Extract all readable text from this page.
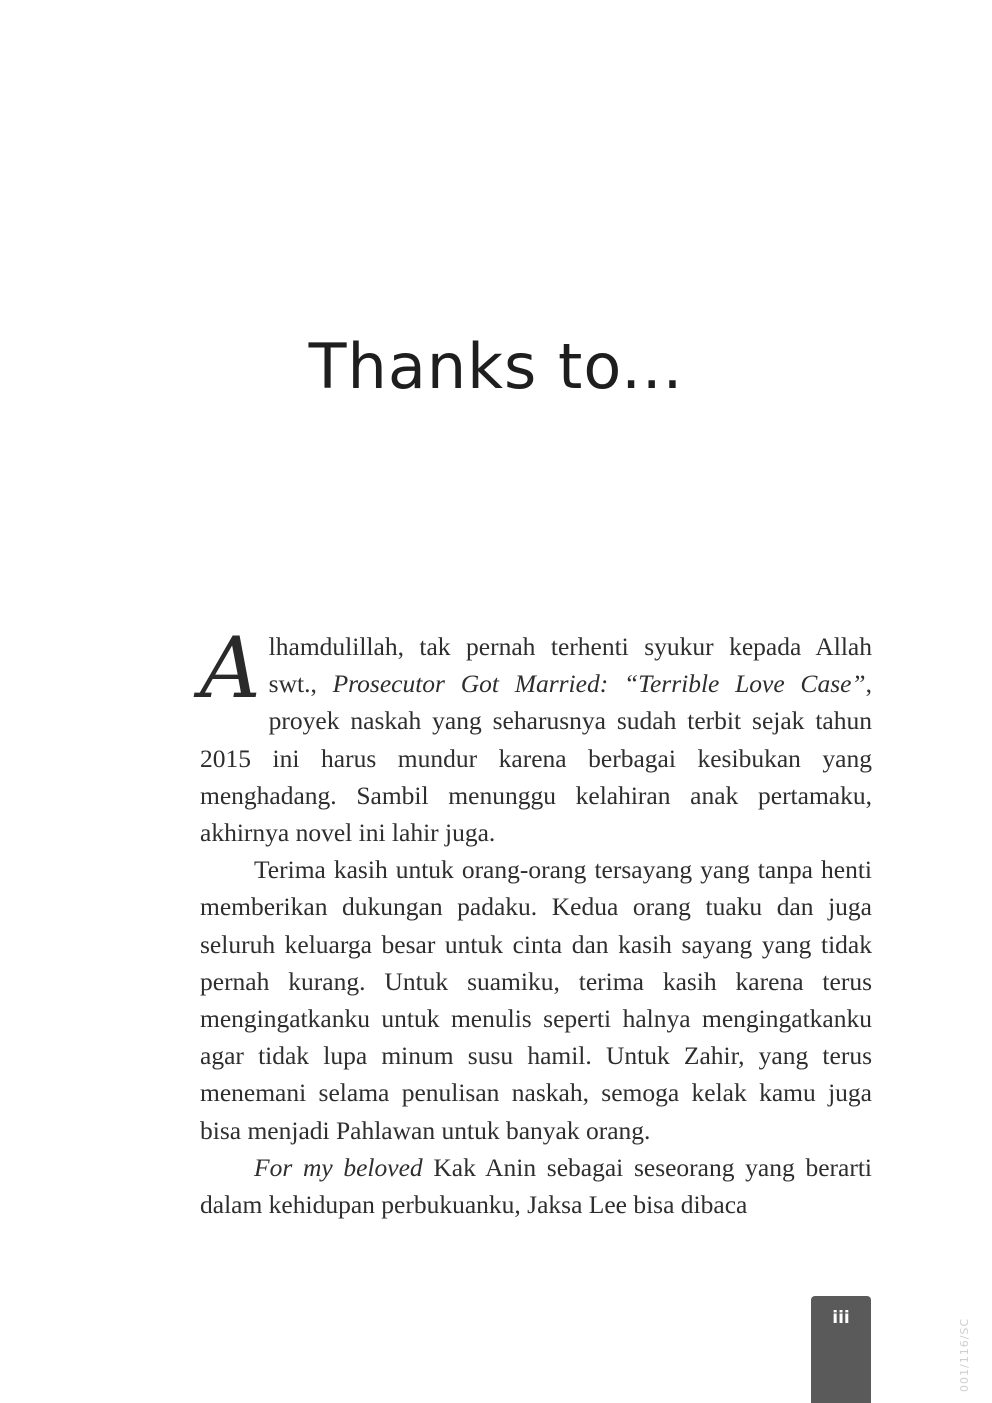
Thanks to...

Alhamdulillah, tak pernah terhenti syukur kepada Allah swt., Prosecutor Got Married: “Terrible Love Case”, proyek naskah yang seharusnya sudah terbit sejak tahun 2015 ini harus mundur karena berbagai kesibukan yang menghadang. Sambil menunggu kelahiran anak pertamaku, akhirnya novel ini lahir juga.

Terima kasih untuk orang-orang tersayang yang tanpa henti memberikan dukungan padaku. Kedua orang tuaku dan juga seluruh keluarga besar untuk cinta dan kasih sayang yang tidak pernah kurang. Untuk suamiku, terima kasih karena terus mengingatkanku untuk menulis seperti halnya mengingatkanku agar tidak lupa minum susu hamil. Untuk Zahir, yang terus menemani selama penulisan naskah, semoga kelak kamu juga bisa menjadi Pahlawan untuk banyak orang.

For my beloved Kak Anin sebagai seseorang yang berarti dalam kehidupan perbukuanku, Jaksa Lee bisa dibaca

iii	001/116/SC
